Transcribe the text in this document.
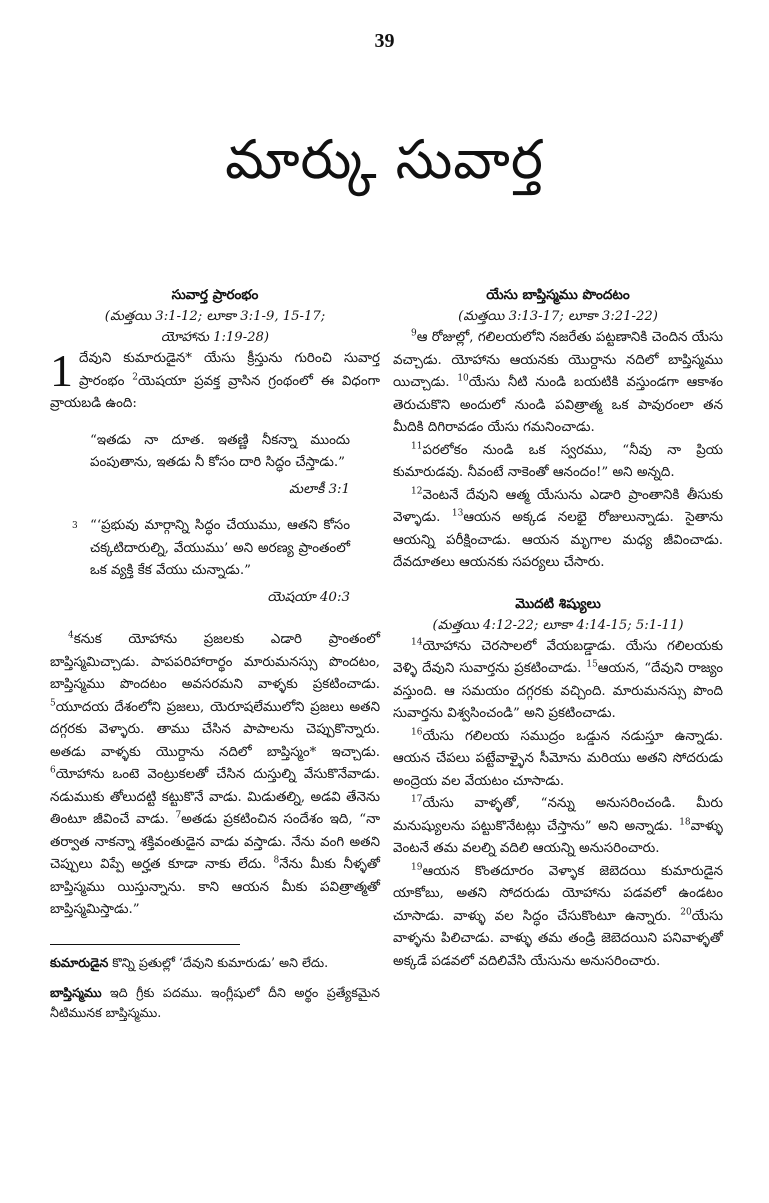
39
మార్కు సువార్త
సువార్త ప్రారంభం
(మత్తయి 3:1-12; లూకా 3:1-9, 15-17;
యోహాను 1:19-28)

1 దేవుని కుమారుడైన* యేసు క్రీస్తును గురించి సువార్త ప్రారంభం $^2$యెషయా ప్రవక్త వ్రాసిన గ్రంథంలో ఈ విధంగా వ్రాయబడి ఉంది:

“ఇతడు నా దూత. ఇతణ్ణి నీకన్నా ముందు పంపుతాను, ఇతడు నీ కోసం దారి సిద్ధం చేస్తాడు.”
మలాకీ 3:1
3 “‘ప్రభువు మార్గాన్ని సిద్ధం చేయుము, ఆతని కోసం చక్కటిదారుల్ని, వేయుము’ అని అరణ్య ప్రాంతంలో ఒక వ్యక్తి కేక వేయు చున్నాడు.”
యెషయా 40:3

$^4$కనుక యోహాను ప్రజలకు ఎడారి ప్రాంతంలో బాప్తిస్మమిచ్చాడు. పాపపరిహారార్థం మారుమనస్సు పొందటం, బాప్తిస్మము పొందటం అవసరమని వాళ్ళకు ప్రకటించాడు. $^5$యూదయ దేశంలోని ప్రజలు, యెరూషలేములోని ప్రజలు అతని దగ్గరకు వెళ్ళారు. తాము చేసిన పాపాలను చెప్పుకొన్నారు. అతడు వాళ్ళకు యొర్దాను నదిలో బాప్తిస్మం* ఇచ్చాడు. $^6$యోహాను ఒంటె వెంట్రుకలతో చేసిన దుస్తుల్ని వేసుకొనేవాడు. నడుముకు తోలుదట్టి కట్టుకొనే వాడు. మిడుతల్ని, అడవి తేనెను తింటూ జీవించే వాడు. $^7$అతడు ప్రకటించిన సందేశం ఇది, “నా తర్వాత నాకన్నా శక్తివంతుడైన వాడు వస్తాడు. నేను వంగి అతని చెప్పులు విప్పే అర్హత కూడా నాకు లేదు. $^8$నేను మీకు నీళ్ళతో బాప్తిస్మము యిస్తున్నాను. కాని ఆయన మీకు పవిత్రాత్మతో బాప్తిస్మమిస్తాడు.”

కుమారుడైన కొన్ని ప్రతుల్లో ‘దేవుని కుమారుడు’ అని లేదు.

బాప్తిస్మము ఇది గ్రీకు పదము. ఇంగ్లీషులో దీని అర్థం ప్రత్యేకమైన నీటిమునక బాప్తిస్మము.

యేసు బాప్తిస్మము పొందటం
(మత్తయి 3:13-17; లూకా 3:21-22)

$^9$ఆ రోజుల్లో, గలిలయలోని నజరేతు పట్టణానికి చెందిన యేసు వచ్చాడు. యోహాను ఆయనకు యొర్దాను నదిలో బాప్తిస్మము యిచ్చాడు. $^{10}$యేసు నీటి నుండి బయటికి వస్తుండగా ఆకాశం తెరుచుకొని అందులో నుండి పవిత్రాత్మ ఒక పావురంలా తన మీదికి దిగిరావడం యేసు గమనించాడు.

$^{11}$పరలోకం నుండి ఒక స్వరము, “నీవు నా ప్రియ కుమారుడవు. నీవంటే నాకెంతో ఆనందం!” అని అన్నది.

$^{12}$వెంటనే దేవుని ఆత్మ యేసును ఎడారి ప్రాంతానికి తీసుకు వెళ్ళాడు. $^{13}$ఆయన అక్కడ నలభై రోజులున్నాడు. సైతాను ఆయన్ని పరీక్షించాడు. ఆయన మృగాల మధ్య జీవించాడు. దేవదూతలు ఆయనకు సపర్యలు చేసారు.

మొదటి శిష్యులు
(మత్తయి 4:12-22; లూకా 4:14-15; 5:1-11)

$^{14}$యోహాను చెరసాలలో వేయబడ్డాడు. యేసు గలిలయకు వెళ్ళి దేవుని సువార్తను ప్రకటించాడు. $^{15}$ఆయన, “దేవుని రాజ్యం వస్తుంది. ఆ సమయం దగ్గరకు వచ్చింది. మారుమనస్సు పొంది సువార్తను విశ్వసించండి” అని ప్రకటించాడు.

$^{16}$యేసు గలిలయ సముద్రం ఒడ్డున నడుస్తూ ఉన్నాడు. ఆయన చేపలు పట్టేవాళ్ళైన సీమోను మరియు అతని సోదరుడు అంద్రెయ వల వేయటం చూసాడు.

$^{17}$యేసు వాళ్ళతో, “నన్ను అనుసరించండి. మీరు మనుష్యులను పట్టుకొనేటట్లు చేస్తాను” అని అన్నాడు. $^{18}$వాళ్ళు వెంటనే తమ వలల్ని వదిలి ఆయన్ని అనుసరించారు.

$^{19}$ఆయన కొంతదూరం వెళ్ళాక జెబెదయి కుమారుడైన యాకోబు, అతని సోదరుడు యోహాను పడవలో ఉండటం చూసాడు. వాళ్ళు వల సిద్ధం చేసుకొంటూ ఉన్నారు. $^{20}$యేసు వాళ్ళను పిలిచాడు. వాళ్ళు తమ తండ్రి జెబెదయిని పనివాళ్ళతో అక్కడే పడవలో వదిలివేసి యేసును అనుసరించారు.
